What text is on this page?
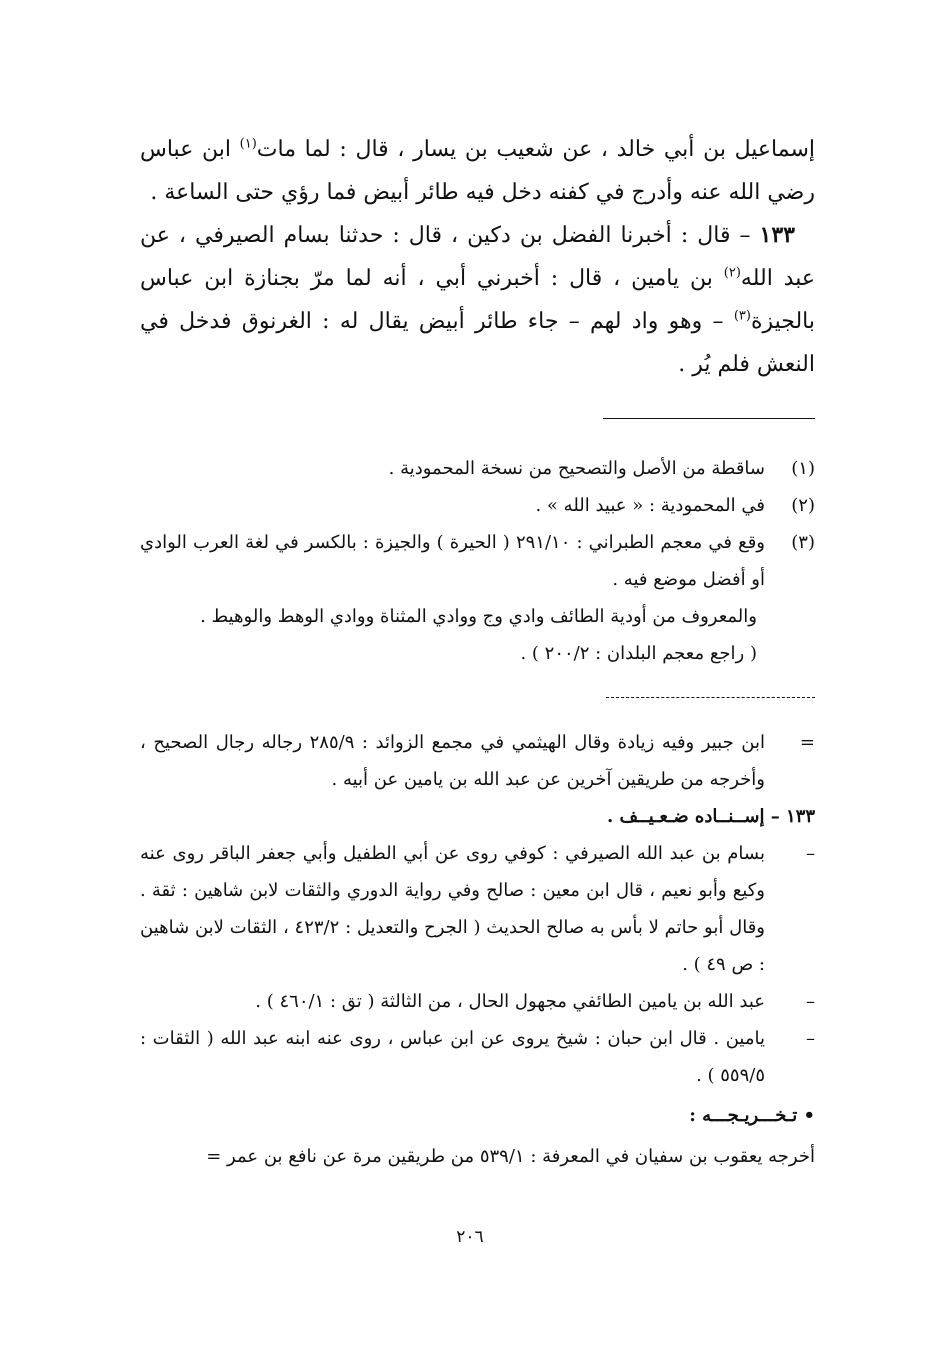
إسماعيل بن أبي خالد ، عن شعيب بن يسار ، قال : لما مات$^{(١)}$ ابن عباس رضي الله عنه وأدرج في كفنه دخل فيه طائر أبيض فما رؤي حتى الساعة .

١٣٣ – قال : أخبرنا الفضل بن دكين ، قال : حدثنا بسام الصيرفي ، عن عبد الله$^{(٢)}$ بن يامين ، قال : أخبرني أبي ، أنه لما مرّ بجنازة ابن عباس بالجيزة$^{(٣)}$ – وهو واد لهم – جاء طائر أبيض يقال له : الغرنوق فدخل في النعش فلم يُر .

(١)
ساقطة من الأصل والتصحيح من نسخة المحمودية .
(٢)
في المحمودية : « عبيد الله » .
(٣)
وقع في معجم الطبراني : ٢٩١/١٠ ( الحيرة ) والجيزة : بالكسر في لغة العرب الوادي أو أفضل موضع فيه .
والمعروف من أودية الطائف وادي وج ووادي المثناة ووادي الوهط والوهيط .
( راجع معجم البلدان : ٢٠٠/٢ ) .
=
ابن جبير وفيه زيادة وقال الهيثمي في مجمع الزوائد : ٢٨٥/٩ رجاله رجال الصحيح ، وأخرجه من طريقين آخرين عن عبد الله بن يامين عن أبيه .
١٣٣ – إســنــاده ضـعـيــف .
–
بسام بن عبد الله الصيرفي : كوفي روى عن أبي الطفيل وأبي جعفر الباقر روى عنه وكيع وأبو نعيم ، قال ابن معين : صالح وفي رواية الدوري والثقات لابن شاهين : ثقة . وقال أبو حاتم لا بأس به صالح الحديث ( الجرح والتعديل : ٤٢٣/٢ ، الثقات لابن شاهين : ص ٤٩ ) .
–
عبد الله بن يامين الطائفي مجهول الحال ، من الثالثة ( تق : ٤٦٠/١ ) .
–
يامين . قال ابن حبان : شيخ يروى عن ابن عباس ، روى عنه ابنه عبد الله ( الثقات : ٥٥٩/٥ ) .
• تـخـــريـجـــه :
أخرجه يعقوب بن سفيان في المعرفة : ٥٣٩/١ من طريقين مرة عن نافع بن عمر =
٢٠٦
